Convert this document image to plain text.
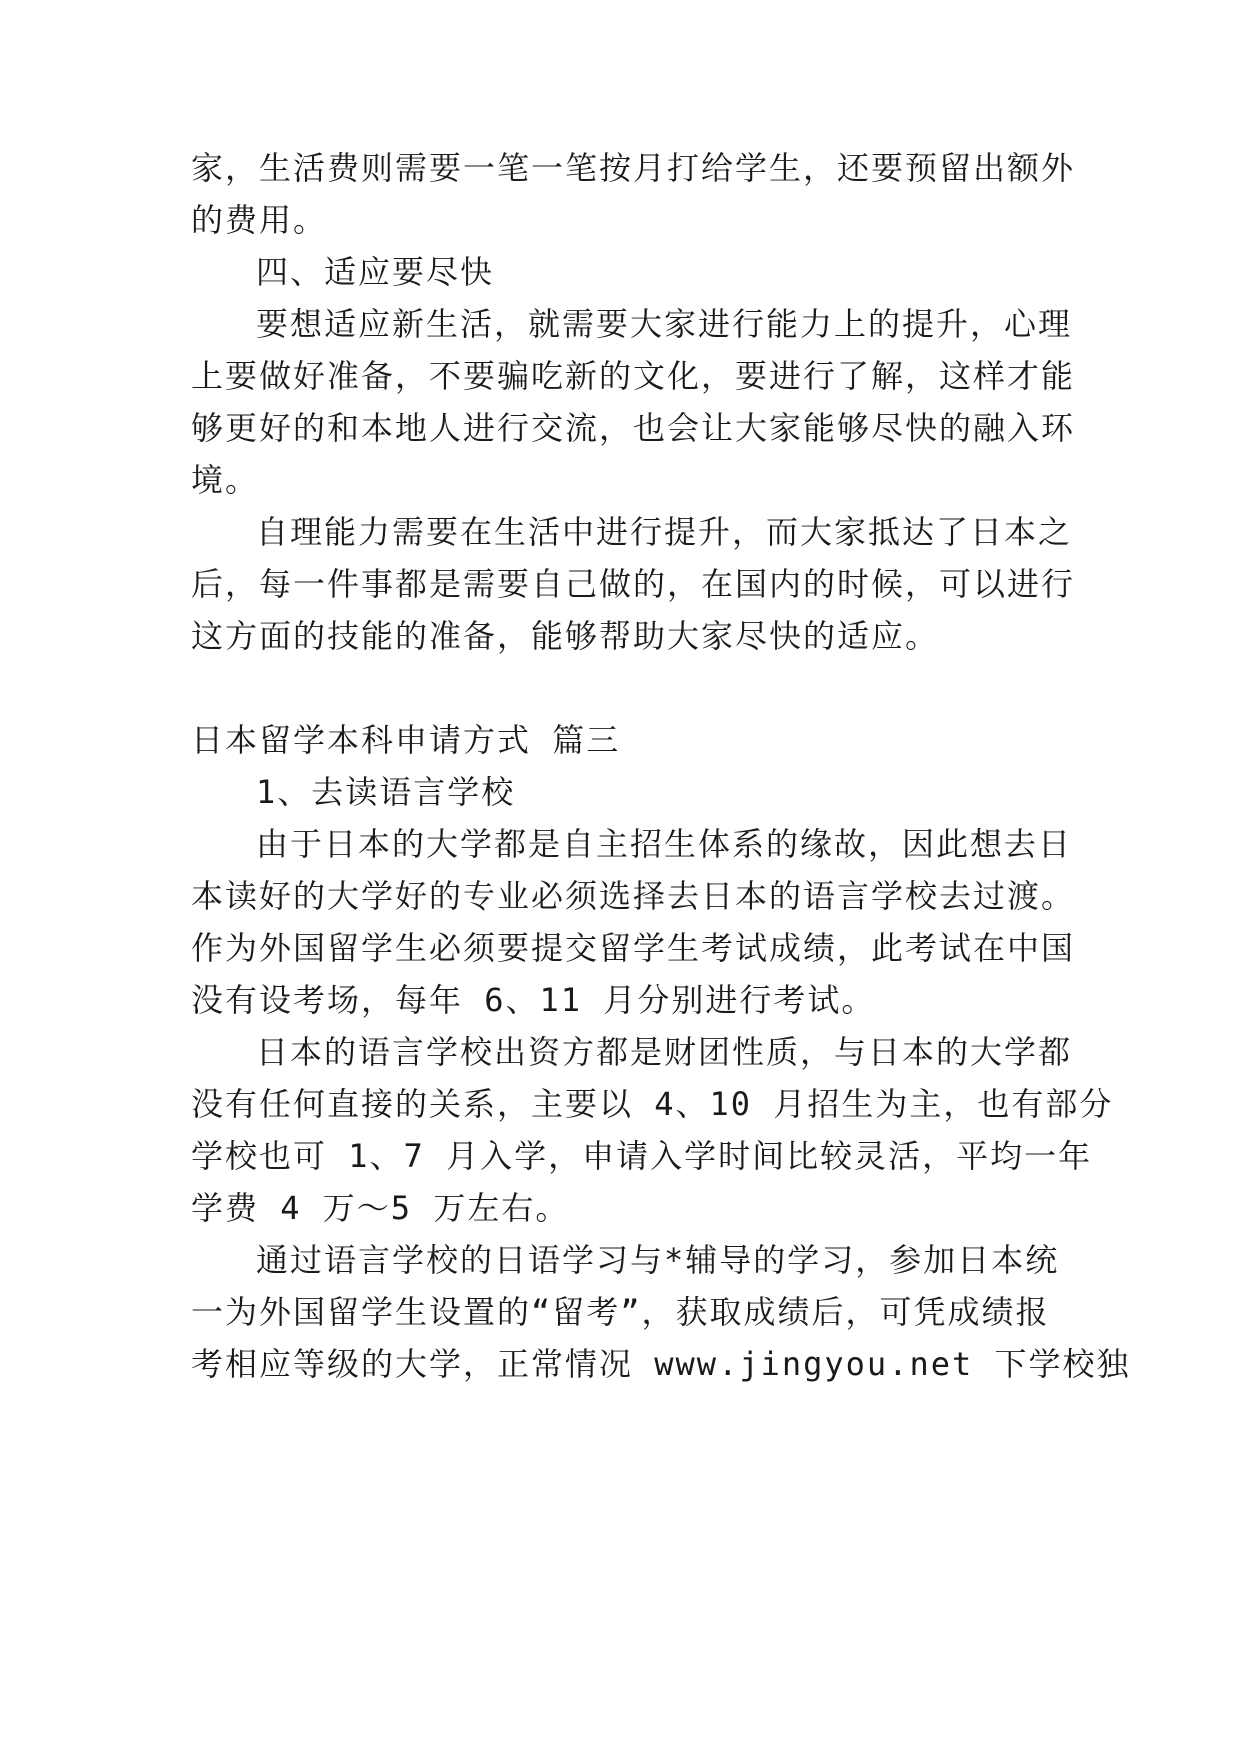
家，生活费则需要一笔一笔按月打给学生，还要预留出额外
的费用。
四、适应要尽快
要想适应新生活，就需要大家进行能力上的提升，心理
上要做好准备，不要骗吃新的文化，要进行了解，这样才能
够更好的和本地人进行交流，也会让大家能够尽快的融入环
境。
自理能力需要在生活中进行提升，而大家抵达了日本之
后，每一件事都是需要自己做的，在国内的时候，可以进行
这方面的技能的准备，能够帮助大家尽快的适应。
日本留学本科申请方式 篇三
1、去读语言学校
由于日本的大学都是自主招生体系的缘故，因此想去日
本读好的大学好的专业必须选择去日本的语言学校去过渡。
作为外国留学生必须要提交留学生考试成绩，此考试在中国
没有设考场，每年 6、11 月分别进行考试。
日本的语言学校出资方都是财团性质，与日本的大学都
没有任何直接的关系，主要以 4、10 月招生为主，也有部分
学校也可 1、7 月入学，申请入学时间比较灵活，平均一年
学费 4 万～5 万左右。
通过语言学校的日语学习与*辅导的学习，参加日本统
一为外国留学生设置的“留考”，获取成绩后，可凭成绩报
考相应等级的大学，正常情况 www.jingyou.net 下学校独
